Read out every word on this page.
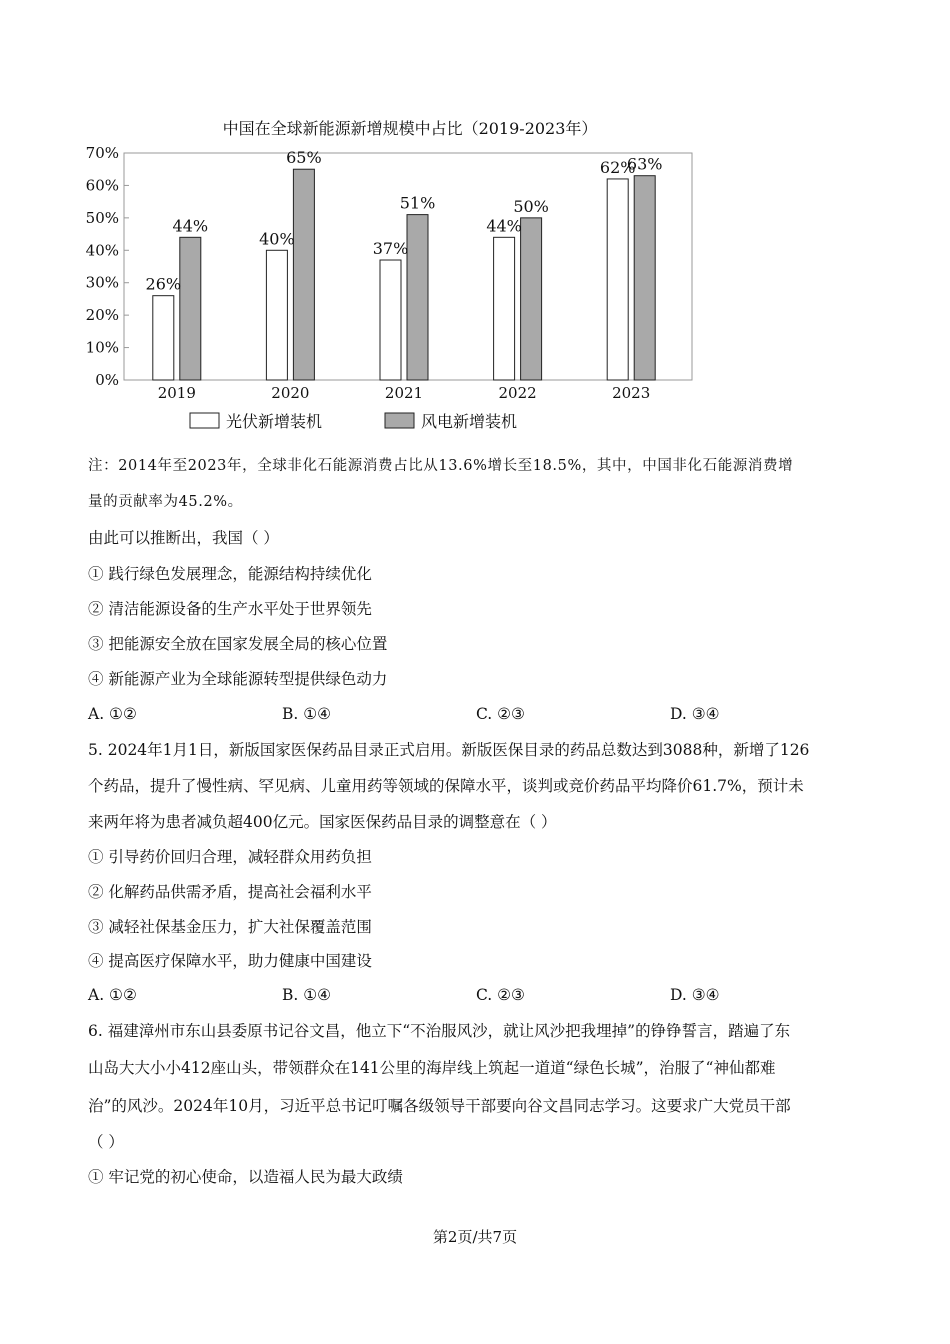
中国在全球新能源新增规模中占比（2019-2023年）
0%
10%
20%
30%
40%
50%
60%
70%
26%
44%
40%
65%
37%
51%
44%
50%
62%
63%
2019	2020	2021	2022	2023
光伏新增装机	风电新增装机
注：2014年至2023年，全球非化石能源消费占比从13.6%增长至18.5%，其中，中国非化石能源消费增
量的贡献率为45.2%。
由此可以推断出，我国（ ）
① 践行绿色发展理念，能源结构持续优化
② 清洁能源设备的生产水平处于世界领先
③ 把能源安全放在国家发展全局的核心位置
④ 新能源产业为全球能源转型提供绿色动力
A. ①②	B. ①④	C. ②③	D. ③④
5. 2024年1月1日，新版国家医保药品目录正式启用。新版医保目录的药品总数达到3088种，新增了126
个药品，提升了慢性病、罕见病、儿童用药等领域的保障水平，谈判或竞价药品平均降价61.7%，预计未
来两年将为患者减负超400亿元。国家医保药品目录的调整意在（ ）
① 引导药价回归合理，减轻群众用药负担
② 化解药品供需矛盾，提高社会福利水平
③ 减轻社保基金压力，扩大社保覆盖范围
④ 提高医疗保障水平，助力健康中国建设
A. ①②	B. ①④	C. ②③	D. ③④
6. 福建漳州市东山县委原书记谷文昌，他立下“不治服风沙，就让风沙把我埋掉”的铮铮誓言，踏遍了东
山岛大大小小412座山头，带领群众在141公里的海岸线上筑起一道道“绿色长城”，治服了“神仙都难
治”的风沙。2024年10月，习近平总书记叮嘱各级领导干部要向谷文昌同志学习。这要求广大党员干部
（ ）
① 牢记党的初心使命，以造福人民为最大政绩
第2页/共7页
